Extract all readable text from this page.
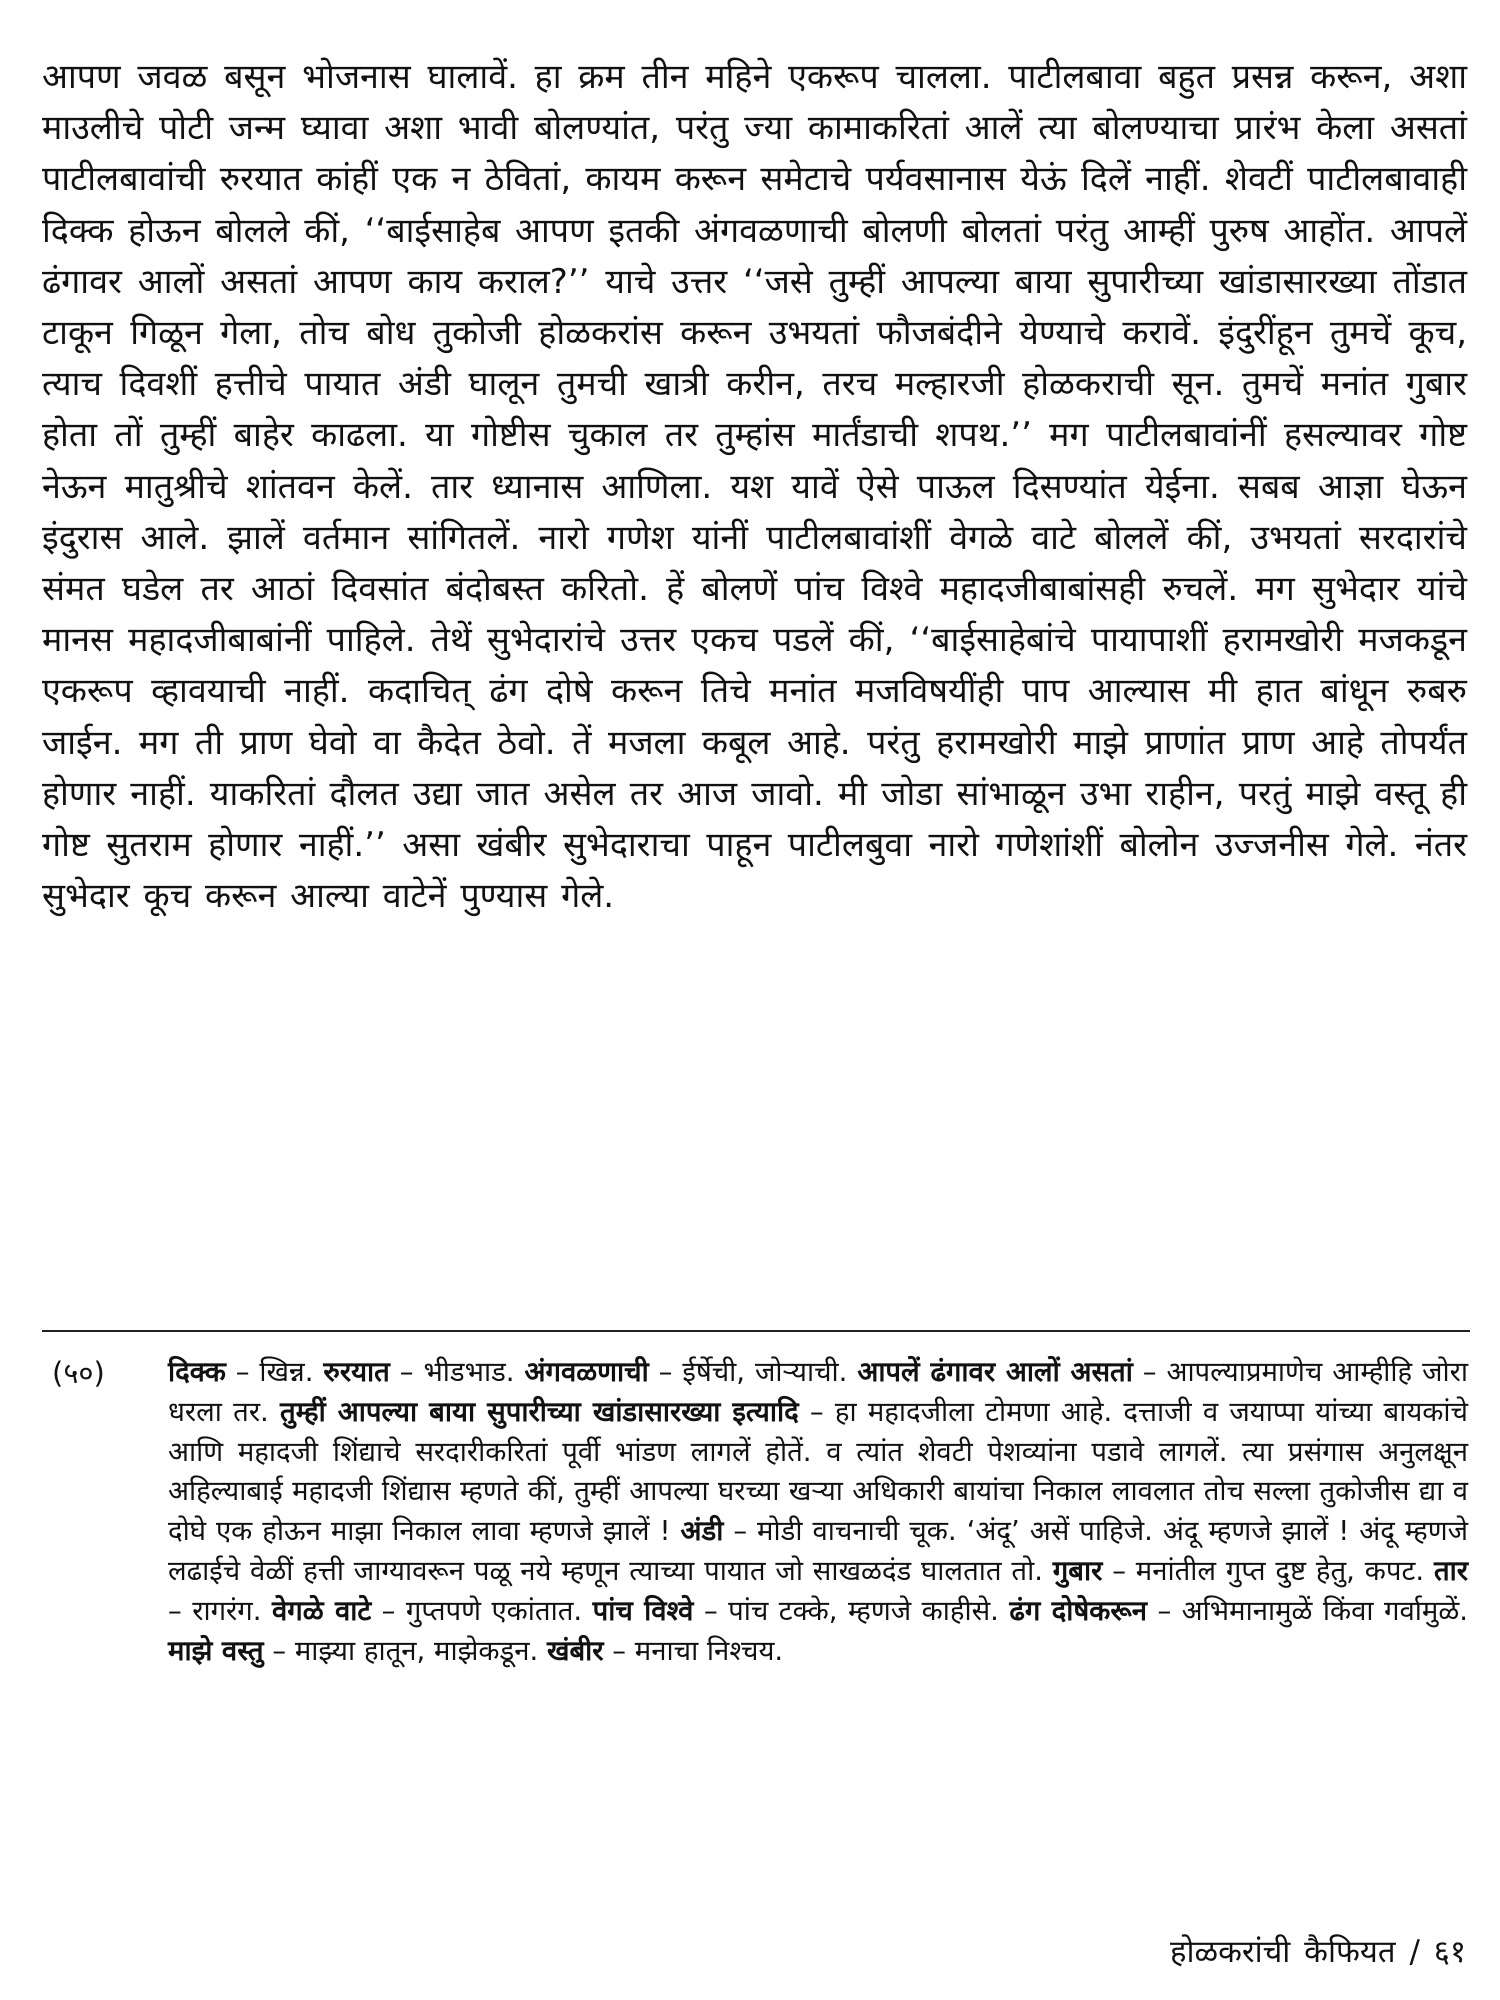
आपण जवळ बसून भोजनास घालावें. हा क्रम तीन महिने एकरूप चालला. पाटीलबावा बहुत प्रसन्न करून, अशा माउलीचे पोटी जन्म घ्यावा अशा भावी बोलण्यांत, परंतु ज्या कामाकरितां आलें त्या बोलण्याचा प्रारंभ केला असतां पाटीलबावांची रुरयात कांहीं एक न ठेवितां, कायम करून समेटाचे पर्यवसानास येऊं दिलें नाहीं. शेवटीं पाटीलबावाही दिक्क होऊन बोलले कीं, ‘‘बाईसाहेब आपण इतकी अंगवळणाची बोलणी बोलतां परंतु आम्हीं पुरुष आहोंत. आपलें ढंगावर आलों असतां आपण काय कराल?’’ याचे उत्तर ‘‘जसे तुम्हीं आपल्या बाया सुपारीच्या खांडासारख्या तोंडात टाकून गिळून गेला, तोच बोध तुकोजी होळकरांस करून उभयतां फौजबंदीने येण्याचे करावें. इंदुरींहून तुमचें कूच, त्याच दिवशीं हत्तीचे पायात अंडी घालून तुमची खात्री करीन, तरच मल्हारजी होळकराची सून. तुमचें मनांत गुबार होता तों तुम्हीं बाहेर काढला. या गोष्टीस चुकाल तर तुम्हांस मार्तंडाची शपथ.’’ मग पाटीलबावांनीं हसल्यावर गोष्ट नेऊन मातुश्रीचे शांतवन केलें. तार ध्यानास आणिला. यश यावें ऐसे पाऊल दिसण्यांत येईना. सबब आज्ञा घेऊन इंदुरास आले. झालें वर्तमान सांगितलें. नारो गणेश यांनीं पाटीलबावांशीं वेगळे वाटे बोललें कीं, उभयतां सरदारांचे संमत घडेल तर आठां दिवसांत बंदोबस्त करितो. हें बोलणें पांच विश्वे महादजीबाबांसही रुचलें. मग सुभेदार यांचे मानस महादजीबाबांनीं पाहिले. तेथें सुभेदारांचे उत्तर एकच पडलें कीं, ‘‘बाईसाहेबांचे पायापाशीं हरामखोरी मजकडून एकरूप व्हावयाची नाहीं. कदाचित् ढंग दोषे करून तिचे मनांत मजविषयींही पाप आल्यास मी हात बांधून रुबरु जाईन. मग ती प्राण घेवो वा कैदेत ठेवो. तें मजला कबूल आहे. परंतु हरामखोरी माझे प्राणांत प्राण आहे तोपर्यंत होणार नाहीं. याकरितां दौलत उद्या जात असेल तर आज जावो. मी जोडा सांभाळून उभा राहीन, परतुं माझे वस्तू ही गोष्ट सुतराम होणार नाहीं.’’ असा खंबीर सुभेदाराचा पाहून पाटीलबुवा नारो गणेशांशीं बोलोन उज्जनीस गेले. नंतर सुभेदार कूच करून आल्या वाटेनें पुण्यास गेले.

(५०) दिक्क – खिन्न. रुरयात – भीडभाड. अंगवळणाची – ईर्षेची, जोऱ्याची. आपलें ढंगावर आलों असतां – आपल्याप्रमाणेच आम्हीहि जोरा धरला तर. तुम्हीं आपल्या बाया सुपारीच्या खांडासारख्या इत्यादि – हा महादजीला टोमणा आहे. दत्ताजी व जयाप्पा यांच्या बायकांचे आणि महादजी शिंद्याचे सरदारीकरितां पूर्वी भांडण लागलें होतें. व त्यांत शेवटी पेशव्यांना पडावे लागलें. त्या प्रसंगास अनुलक्षून अहिल्याबाई महादजी शिंद्यास म्हणते कीं, तुम्हीं आपल्या घरच्या खऱ्या अधिकारी बायांचा निकाल लावलात तोच सल्ला तुकोजीस द्या व दोघे एक होऊन माझा निकाल लावा म्हणजे झालें ! अंडी – मोडी वाचनाची चूक. ‘अंदू’ असें पाहिजे. अंदू म्हणजे झालें ! अंदू म्हणजे लढाईचे वेळीं हत्ती जाग्यावरून पळू नये म्हणून त्याच्या पायात जो साखळदंड घालतात तो. गुबार – मनांतील गुप्त दुष्ट हेतु, कपट. तार – रागरंग. वेगळे वाटे – गुप्तपणे एकांतात. पांच विश्वे – पांच टक्के, म्हणजे काहीसे. ढंग दोषेकरून – अभिमानामुळें किंवा गर्वामुळें. माझे वस्तु – माझ्या हातून, माझेकडून. खंबीर – मनाचा निश्चय.

होळकरांची कैफियत / ६१
